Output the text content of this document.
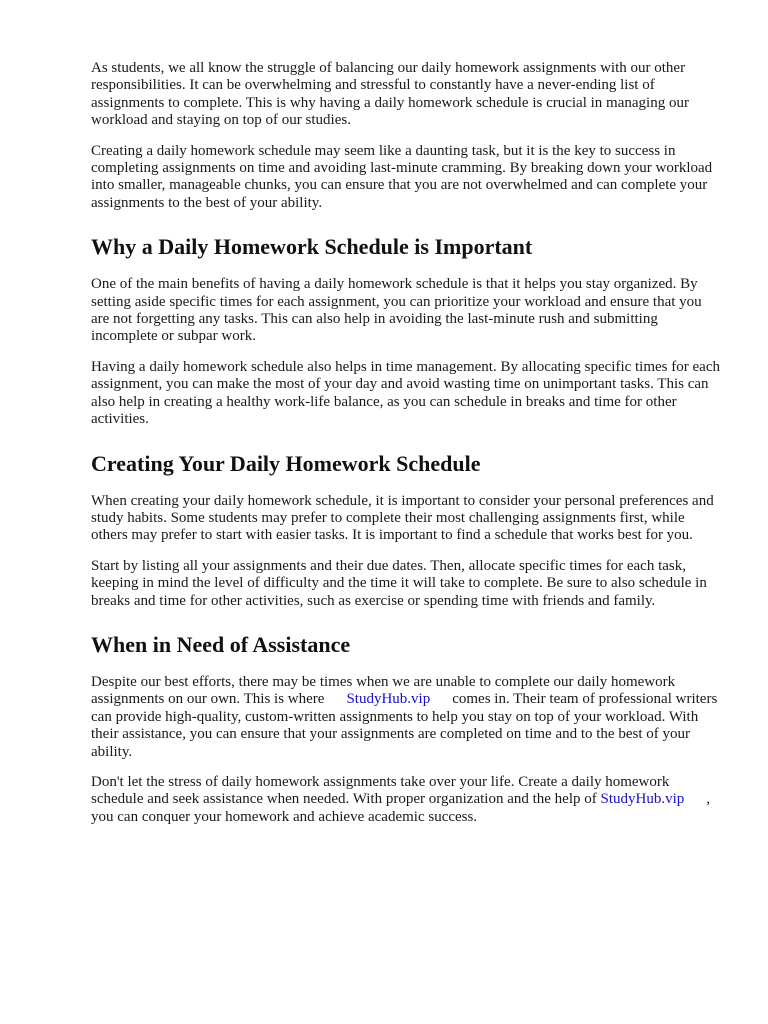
As students, we all know the struggle of balancing our daily homework assignments with our other responsibilities. It can be overwhelming and stressful to constantly have a never-ending list of assignments to complete. This is why having a daily homework schedule is crucial in managing our workload and staying on top of our studies.

Creating a daily homework schedule may seem like a daunting task, but it is the key to success in completing assignments on time and avoiding last-minute cramming. By breaking down your workload into smaller, manageable chunks, you can ensure that you are not overwhelmed and can complete your assignments to the best of your ability.

Why a Daily Homework Schedule is Important

One of the main benefits of having a daily homework schedule is that it helps you stay organized. By setting aside specific times for each assignment, you can prioritize your workload and ensure that you are not forgetting any tasks. This can also help in avoiding the last-minute rush and submitting incomplete or subpar work.

Having a daily homework schedule also helps in time management. By allocating specific times for each assignment, you can make the most of your day and avoid wasting time on unimportant tasks. This can also help in creating a healthy work-life balance, as you can schedule in breaks and time for other activities.

Creating Your Daily Homework Schedule

When creating your daily homework schedule, it is important to consider your personal preferences and study habits. Some students may prefer to complete their most challenging assignments first, while others may prefer to start with easier tasks. It is important to find a schedule that works best for you.

Start by listing all your assignments and their due dates. Then, allocate specific times for each task, keeping in mind the level of difficulty and the time it will take to complete. Be sure to also schedule in breaks and time for other activities, such as exercise or spending time with friends and family.

When in Need of Assistance

Despite our best efforts, there may be times when we are unable to complete our daily homework assignments on our own. This is where StudyHub.vip comes in. Their team of professional writers can provide high-quality, custom-written assignments to help you stay on top of your workload. With their assistance, you can ensure that your assignments are completed on time and to the best of your ability.

Don't let the stress of daily homework assignments take over your life. Create a daily homework schedule and seek assistance when needed. With proper organization and the help of StudyHub.vip , you can conquer your homework and achieve academic success.
